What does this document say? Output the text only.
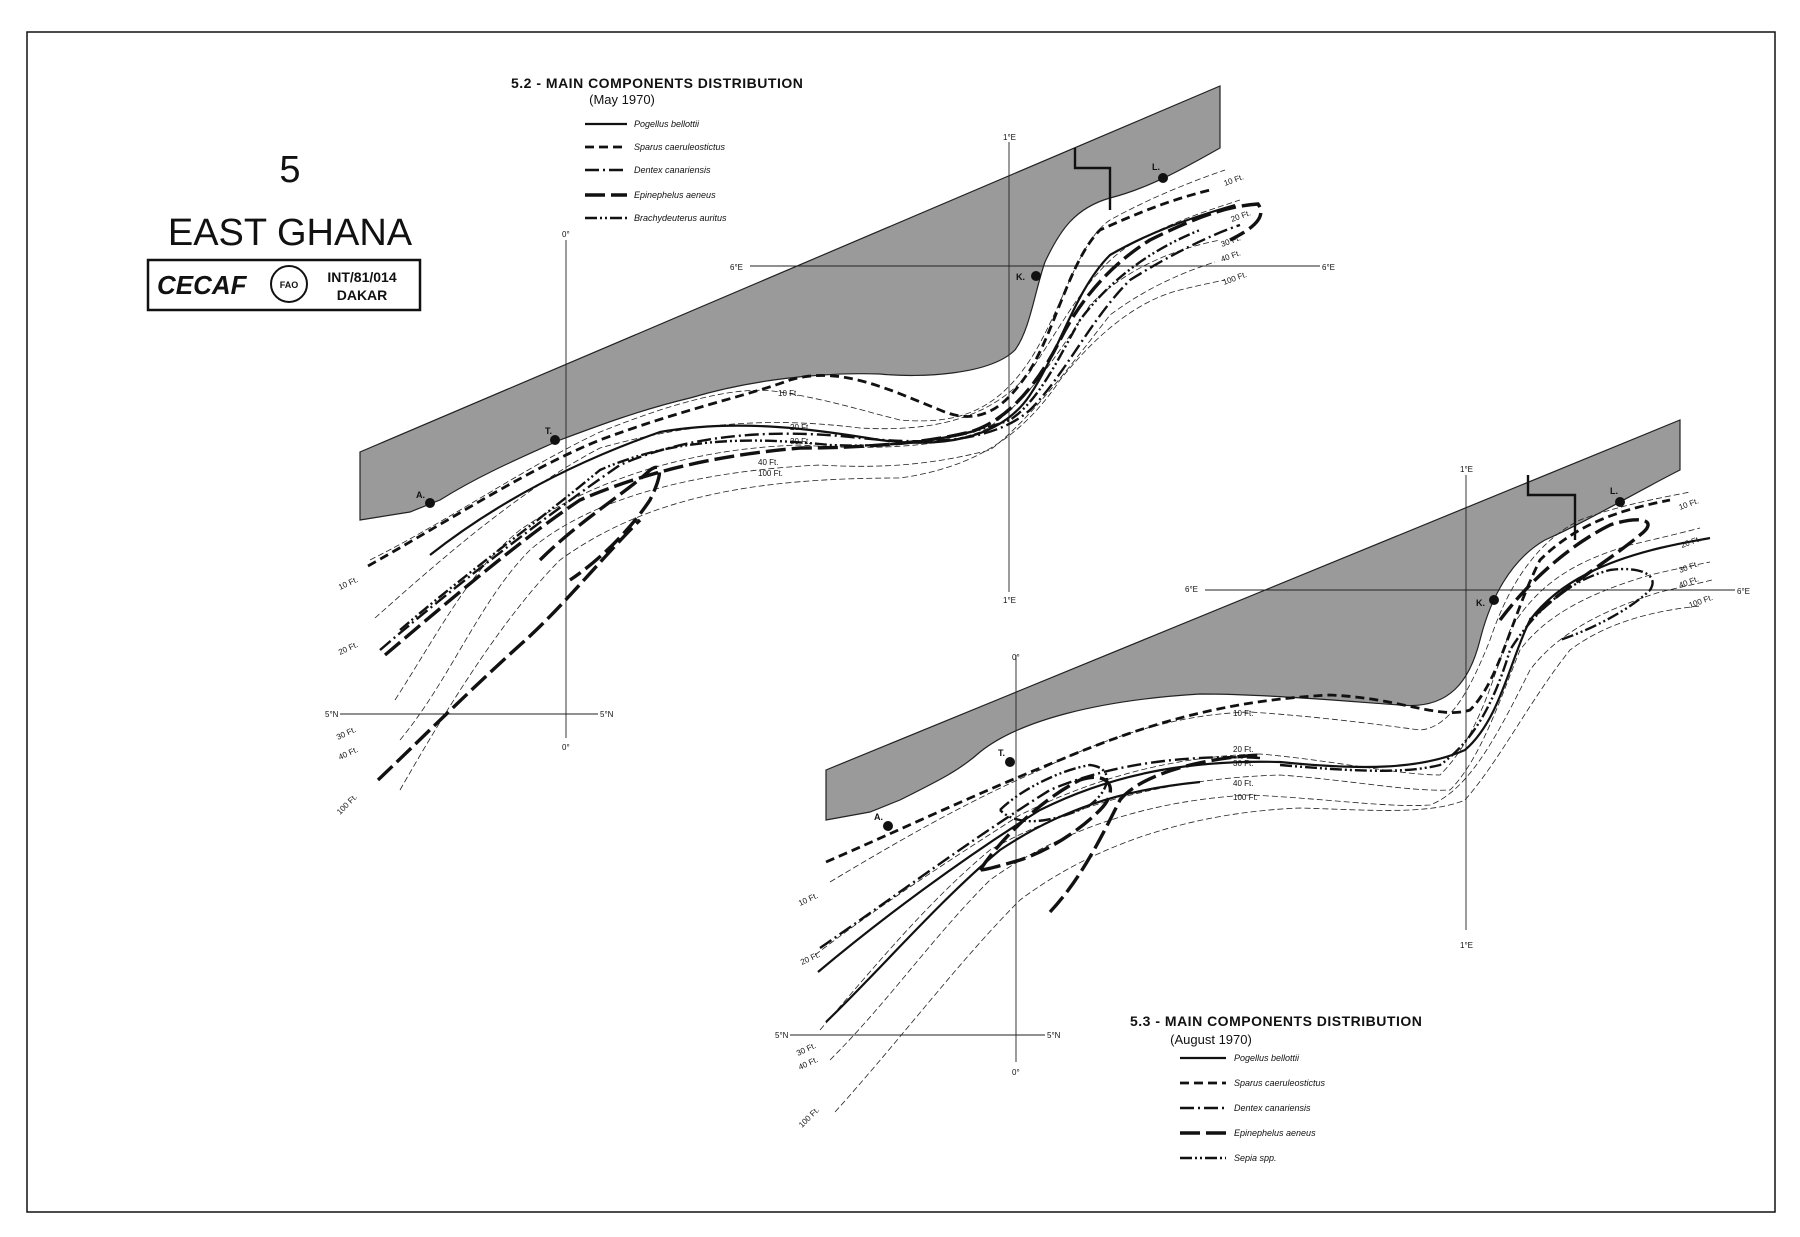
5
EAST GHANA
CECAF	FAO INT/81/014
DAKAR
5.2 - MAIN COMPONENTS DISTRIBUTION
(May 1970)
Pogellus bellottii
Sparus caeruleostictus
Dentex canariensis
Epinephelus aeneus
Brachydeuterus auritus
0°
0°
1°E
1°E
6°E	6°E
5°N	5°N
10 Ft.
20 Ft.
30 Ft.
40 Ft.
100 Ft.
10 Ft.
20 Ft.
30 Ft.
40 Ft.
100 Ft.
10 Ft.
20 Ft.
30 Ft.
40 Ft.
100 Ft.
A.
T.
K.
L.
0°
0°
1°E
1°E
6°E	6°E
5°N	5°N
10 Ft.
20 Ft.
30 Ft.
40 Ft.
100 Ft.
10 Ft.
20 Ft.
30 Ft.
40 Ft.
100 Ft.
10 Ft.
20 Ft.
30 Ft.
40 Ft.
100 Ft.
A.
T.
K.
L.
5.3 - MAIN COMPONENTS DISTRIBUTION
(August 1970)
Pogellus bellottii
Sparus caeruleostictus
Dentex canariensis
Epinephelus aeneus
Sepia spp.
